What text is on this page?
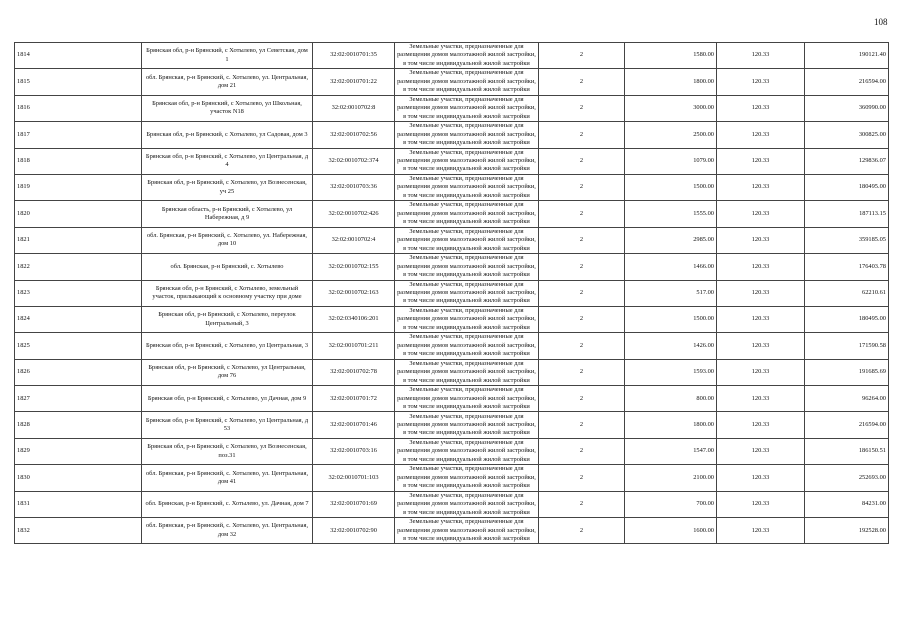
108
1814	Брянская обл, р-н Брянский, с Хотылево, ул Севетская, дом 1	32:02:0010701:35	Земельные участки, предназначенные для размещения домов малоэтажной жилой застройки, в том числе индивидуальной жилой застройки	2	1580.00	120.33	190121.40
1815	обл. Брянская, р-н Брянский, с. Хотылево, ул. Центральная, дом 21	32:02:0010701:22	Земельные участки, предназначенные для размещения домов малоэтажной жилой застройки, в том числе индивидуальной жилой застройки	2	1800.00	120.33	216594.00
1816	Брянская обл, р-н Брянский, с Хотылево, ул Школьная, участок N18	32:02:0010702:8	Земельные участки, предназначенные для размещения домов малоэтажной жилой застройки, в том числе индивидуальной жилой застройки	2	3000.00	120.33	360990.00
1817	Брянская обл, р-н Брянский, с Хотылево, ул Садовая, дом 3	32:02:0010702:56	Земельные участки, предназначенные для размещения домов малоэтажной жилой застройки, в том числе индивидуальной жилой застройки	2	2500.00	120.33	300825.00
1818	Брянская обл, р-н Брянский, с Хотылево, ул Центральная, д 4	32:02:0010702:374	Земельные участки, предназначенные для размещения домов малоэтажной жилой застройки, в том числе индивидуальной жилой застройки	2	1079.00	120.33	129836.07
1819	Брянская обл, р-н Брянский, с Хотылево, ул Вознесенская, уч 25	32:02:0010703:36	Земельные участки, предназначенные для размещения домов малоэтажной жилой застройки, в том числе индивидуальной жилой застройки	2	1500.00	120.33	180495.00
1820	Брянская область, р-н Брянский, с Хотылево, ул Набережная, д 9	32:02:0010702:426	Земельные участки, предназначенные для размещения домов малоэтажной жилой застройки, в том числе индивидуальной жилой застройки	2	1555.00	120.33	187113.15
1821	обл. Брянская, р-н Брянский, с. Хотылево, ул. Набережная, дом 10	32:02:0010702:4	Земельные участки, предназначенные для размещения домов малоэтажной жилой застройки, в том числе индивидуальной жилой застройки	2	2985.00	120.33	359185.05
1822	обл. Брянская, р-н Брянский, с. Хотылево	32:02:0010702:155	Земельные участки, предназначенные для размещения домов малоэтажной жилой застройки, в том числе индивидуальной жилой застройки	2	1466.00	120.33	176403.78
1823	Брянская обл, р-н Брянский, с Хотылево, земельный участок, прилыкающий к основному участку при доме	32:02:0010702:163	Земельные участки, предназначенные для размещения домов малоэтажной жилой застройки, в том числе индивидуальной жилой застройки	2	517.00	120.33	62210.61
1824	Брянская обл, р-н Брянский, с Хотылево, переулок Центральный, 3	32:02:0340106:201	Земельные участки, предназначенные для размещения домов малоэтажной жилой застройки, в том числе индивидуальной жилой застройки	2	1500.00	120.33	180495.00
1825	Брянская обл, р-н Брянский, с Хотылево, ул Центральная, 3	32:02:0010701:211	Земельные участки, предназначенные для размещения домов малоэтажной жилой застройки, в том числе индивидуальной жилой застройки	2	1426.00	120.33	171590.58
1826	Брянская обл, р-н Брянский, с Хотылево, ул Центральная, дом 76	32:02:0010702:78	Земельные участки, предназначенные для размещения домов малоэтажной жилой застройки, в том числе индивидуальной жилой застройки	2	1593.00	120.33	191685.69
1827	Брянская обл, р-н Брянский, с Хотылево, ул Дачная, дом 9	32:02:0010701:72	Земельные участки, предназначенные для размещения домов малоэтажной жилой застройки, в том числе индивидуальной жилой застройки	2	800.00	120.33	96264.00
1828	Брянская обл, р-н Брянский, с Хотылево, ул Центральная, д 53	32:02:0010701:46	Земельные участки, предназначенные для размещения домов малоэтажной жилой застройки, в том числе индивидуальной жилой застройки	2	1800.00	120.33	216594.00
1829	Брянская обл, р-н Брянский, с Хотылево, ул Вознесенская, поз.31	32:02:0010703:16	Земельные участки, предназначенные для размещения домов малоэтажной жилой застройки, в том числе индивидуальной жилой застройки	2	1547.00	120.33	186150.51
1830	обл. Брянская, р-н Брянский, с. Хотылево, ул. Центральная, дом 41	32:02:0010701:103	Земельные участки, предназначенные для размещения домов малоэтажной жилой застройки, в том числе индивидуальной жилой застройки	2	2100.00	120.33	252693.00
1831	обл. Брянская, р-н Брянский, с. Хотылево, ул. Дачная, дом 7	32:02:0010701:69	Земельные участки, предназначенные для размещения домов малоэтажной жилой застройки, в том числе индивидуальной жилой застройки	2	700.00	120.33	84231.00
1832	обл. Брянская, р-н Брянский, с. Хотылево, ул. Центральная, дом 32	32:02:0010702:90	Земельные участки, предназначенные для размещения домов малоэтажной жилой застройки, в том числе индивидуальной жилой застройки	2	1600.00	120.33	192528.00
